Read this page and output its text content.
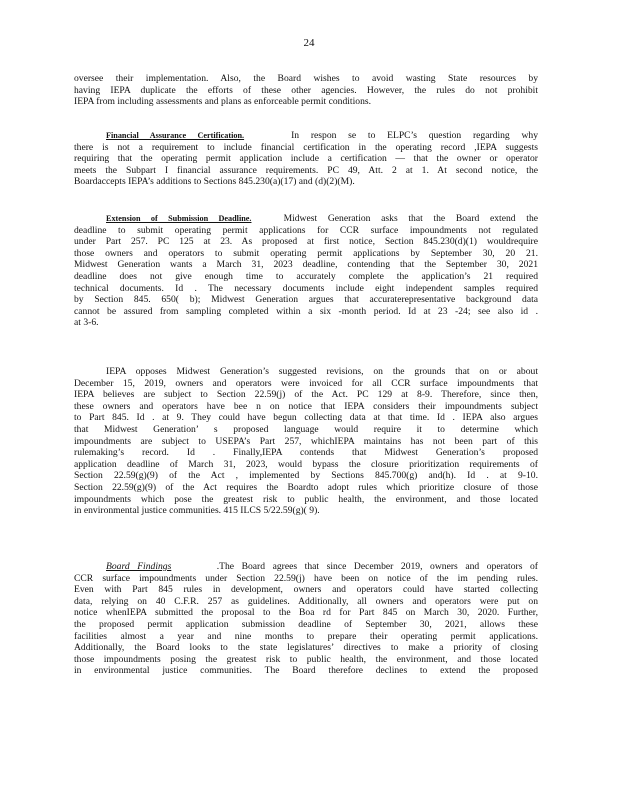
24
oversee their implementation. Also, the Board wishes to avoid wasting State resources by
having IEPA duplicate the efforts of these other agencies. However, the rules do not prohibit
IEPA from including assessments and plans as enforceable permit conditions.
Financial Assurance Certification.	In respon se to ELPC’s question regarding why
there is not a requirement to include financial certification in the operating record ,IEPA suggests
requiring that the operating permit application include a certification — that the owner or operator
meets the Subpart I financial assurance requirements. PC 49, Att. 2 at 1. At second notice, the
Boardaccepts IEPA’s additions to Sections 845.230(a)(17) and (d)(2)(M).
Extension of Submission Deadline.	Midwest Generation asks that the Board extend the
deadline to submit operating permit applications for CCR surface impoundments not regulated
under Part 257. PC 125 at 23. As proposed at first notice, Section 845.230(d)(1) wouldrequire
those owners and operators to submit operating permit applications by September 30, 20 21.
Midwest Generation wants a March 31, 2023 deadline, contending that the September 30, 2021
deadline does not give enough time to accurately complete the application’s 21 required
technical documents. Id . The necessary documents include eight independent samples required
by Section 845. 650( b); Midwest Generation argues that accuraterepresentative background data
cannot be assured from sampling completed within a six -month period. Id at 23 -24; see also id .
at 3-6.
IEPA opposes Midwest Generation’s suggested revisions, on the grounds that on or about
December 15, 2019, owners and operators were invoiced for all CCR surface impoundments that
IEPA believes are subject to Section 22.59(j) of the Act. PC 129 at 8-9. Therefore, since then,
these owners and operators have bee n on notice that IEPA considers their impoundments subject
to Part 845. Id . at 9. They could have begun collecting data at that time. Id . IEPA also argues
that Midwest Generation’ s proposed language would require it to determine which
impoundments are subject to USEPA’s Part 257, whichIEPA maintains has not been part of this
rulemaking’s record. Id . Finally,IEPA contends that Midwest Generation’s proposed
application deadline of March 31, 2023, would bypass the closure prioritization requirements of
Section 22.59(g)(9) of the Act , implemented by Sections 845.700(g) and(h). Id . at 9-10.
Section 22.59(g)(9) of the Act requires the Boardto adopt rules which prioritize closure of those
impoundments which pose the greatest risk to public health, the environment, and those located
in environmental justice communities. 415 ILCS 5/22.59(g)( 9).
Board Findings	.The Board agrees that since December 2019, owners and operators of
CCR surface impoundments under Section 22.59(j) have been on notice of the im pending rules.
Even with Part 845 rules in development, owners and operators could have started collecting
data, relying on 40 C.F.R. 257 as guidelines. Additionally, all owners and operators were put on
notice whenIEPA submitted the proposal to the Boa rd for Part 845 on March 30, 2020. Further,
the proposed permit application submission deadline of September 30, 2021, allows these
facilities almost a year and nine months to prepare their operating permit applications.
Additionally, the Board looks to the state legislatures’ directives to make a priority of closing
those impoundments posing the greatest risk to public health, the environment, and those located
in environmental justice communities. The Board therefore declines to extend the proposed
